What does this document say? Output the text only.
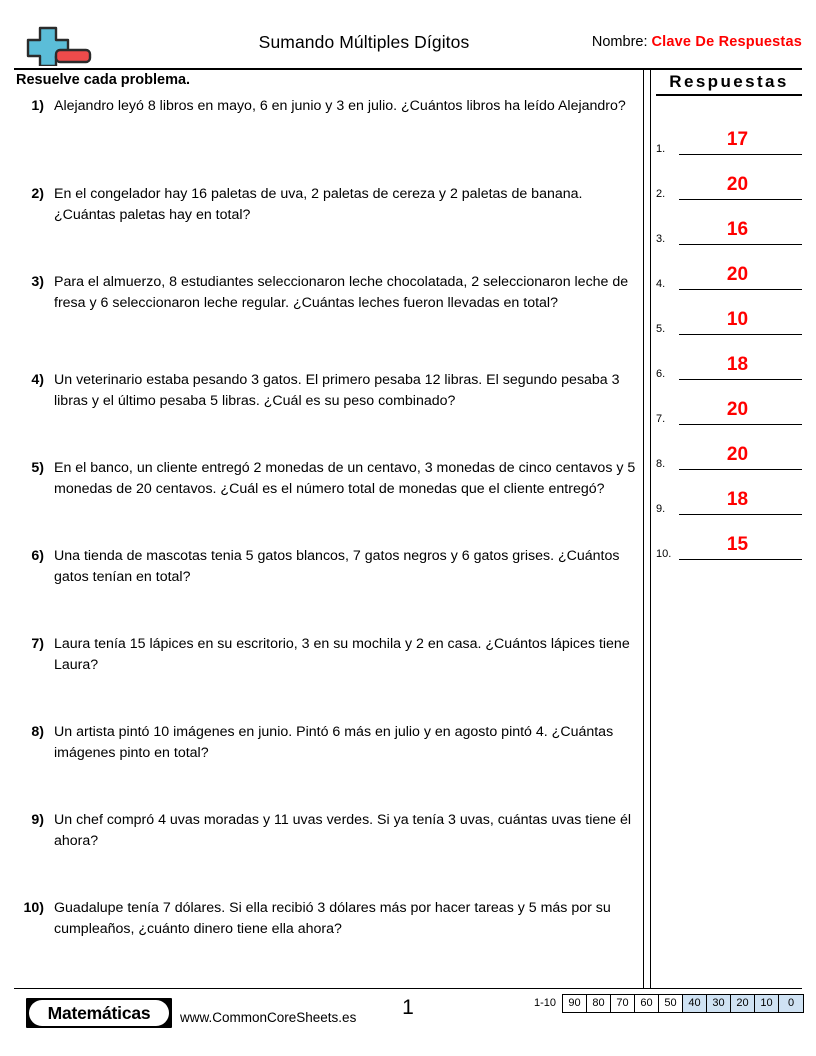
Sumando Múltiples Dígitos	Nombre: Clave De Respuestas
Resuelve cada problema.
1) Alejandro leyó 8 libros en mayo, 6 en junio y 3 en julio. ¿Cuántos libros ha leído Alejandro?
2) En el congelador hay 16 paletas de uva, 2 paletas de cereza y 2 paletas de banana. ¿Cuántas paletas hay en total?
3) Para el almuerzo, 8 estudiantes seleccionaron leche chocolatada, 2 seleccionaron leche de fresa y 6 seleccionaron leche regular. ¿Cuántas leches fueron llevadas en total?
4) Un veterinario estaba pesando 3 gatos. El primero pesaba 12 libras. El segundo pesaba 3 libras y el último pesaba 5 libras. ¿Cuál es su peso combinado?
5) En el banco, un cliente entregó 2 monedas de un centavo, 3 monedas de cinco centavos y 5 monedas de 20 centavos. ¿Cuál es el número total de monedas que el cliente entregó?
6) Una tienda de mascotas tenia 5 gatos blancos, 7 gatos negros y 6 gatos grises. ¿Cuántos gatos tenían en total?
7) Laura tenía 15 lápices en su escritorio, 3 en su mochila y 2 en casa. ¿Cuántos lápices tiene Laura?
8) Un artista pintó 10 imágenes en junio. Pintó 6 más en julio y en agosto pintó 4. ¿Cuántas imágenes pinto en total?
9) Un chef compró 4 uvas moradas y 11 uvas verdes. Si ya tenía 3 uvas, cuántas uvas tiene él ahora?
10) Guadalupe tenía 7 dólares. Si ella recibió 3 dólares más por hacer tareas y 5 más por su cumpleaños, ¿cuánto dinero tiene ella ahora?
Respuestas
1.	17
2.	20
3.	16
4.	20
5.	10
6.	18
7.	20
8.	20
9.	18
10.	15
Matemáticas	www.CommonCoreSheets.es	1	1-10	90	80	70	60	50	40	30	20	10	0
